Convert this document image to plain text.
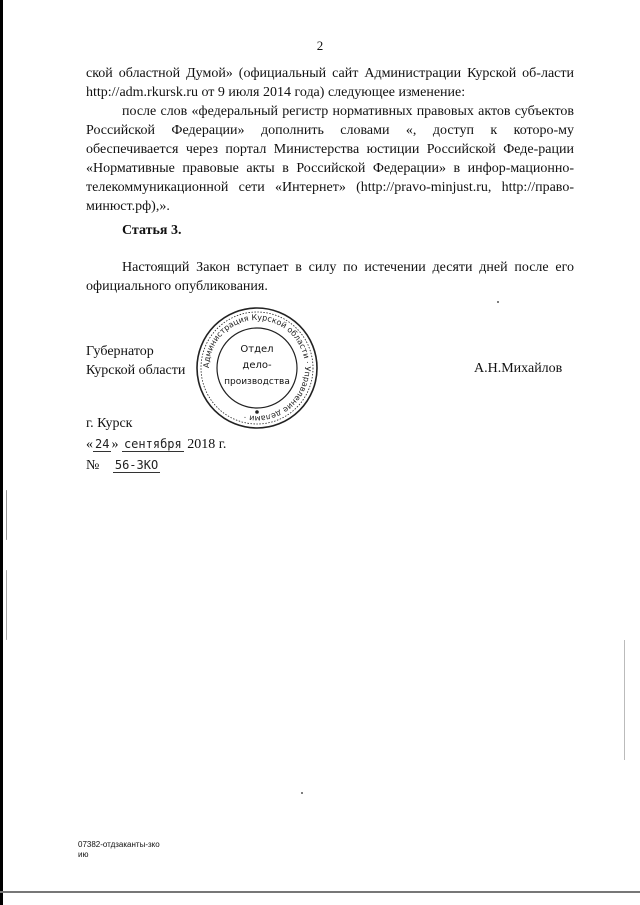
2

ской областной Думой» (официальный сайт Администрации Курской об-ласти http://adm.rkursk.ru от 9 июля 2014 года) следующее изменение:

после слов «федеральный регистр нормативных правовых актов субъектов Российской Федерации» дополнить словами «, доступ к которо-му обеспечивается через портал Министерства юстиции Российской Феде-рации «Нормативные правовые акты в Российской Федерации» в инфор-мационно-телекоммуникационной сети «Интернет» (http://pravo-minjust.ru, http://право-минюст.рф),».

Статья 3.

Настоящий Закон вступает в силу по истечении десяти дней после его официального опубликования.

Губернатор
Курской области Администрация Курской области · Управление делами ·
Отдел
дело-
производства
А.Н.Михайлов
г. Курск
« 24 » сентября 2018 г.
№ 56-ЗКО
07382-отдзаканты-зко
ию
